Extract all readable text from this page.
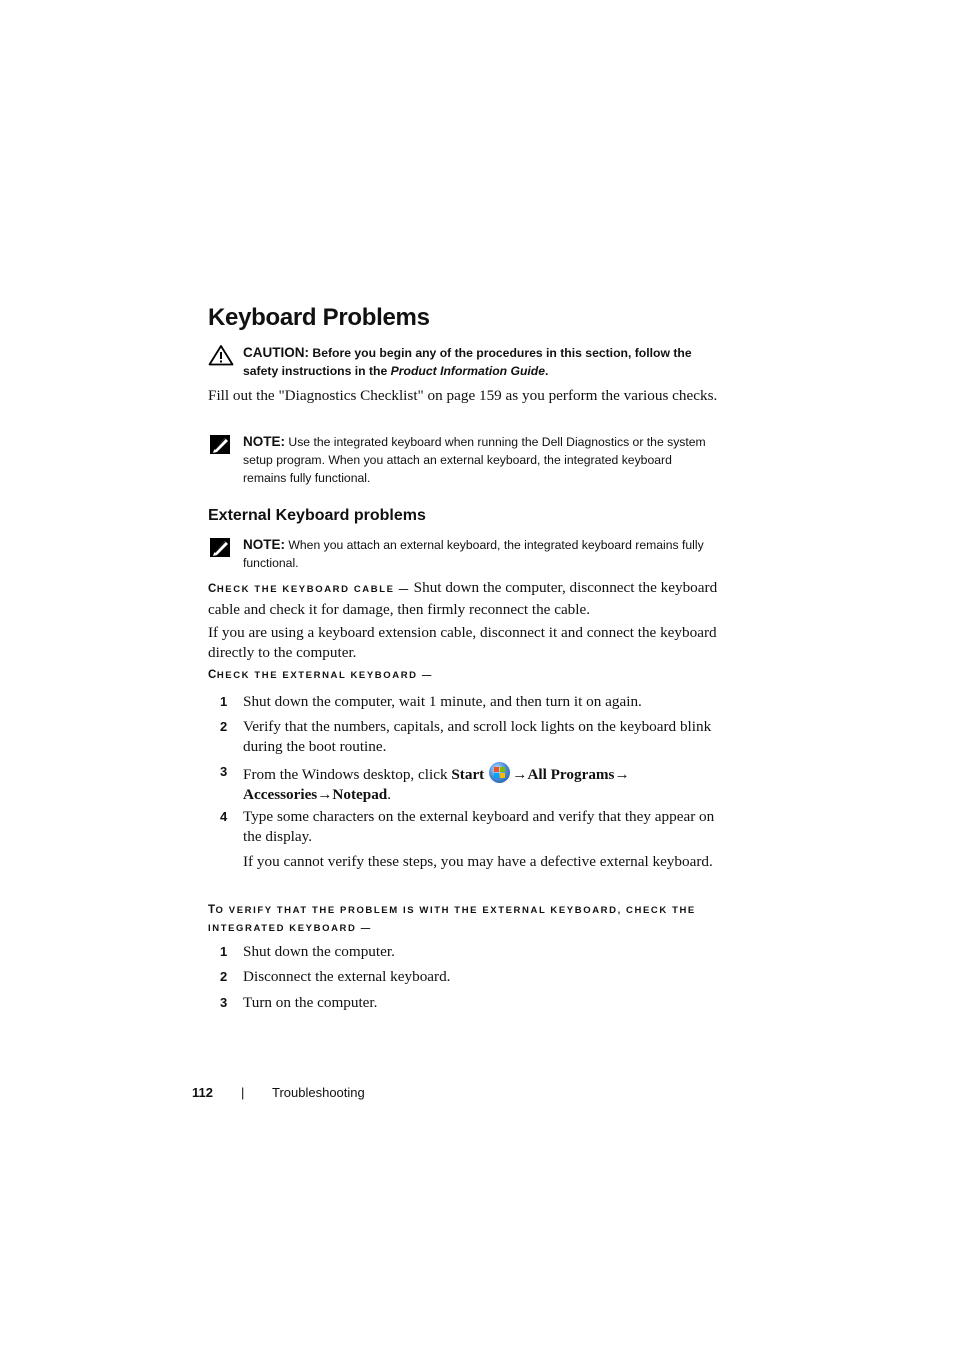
Keyboard Problems
CAUTION: Before you begin any of the procedures in this section, follow the safety instructions in the Product Information Guide.
Fill out the "Diagnostics Checklist" on page 159 as you perform the various checks.
NOTE: Use the integrated keyboard when running the Dell Diagnostics or the system setup program. When you attach an external keyboard, the integrated keyboard remains fully functional.
External Keyboard problems
NOTE: When you attach an external keyboard, the integrated keyboard remains fully functional.
CHECK THE KEYBOARD CABLE — Shut down the computer, disconnect the keyboard cable and check it for damage, then firmly reconnect the cable.
If you are using a keyboard extension cable, disconnect it and connect the keyboard directly to the computer.
CHECK THE EXTERNAL KEYBOARD —
1 Shut down the computer, wait 1 minute, and then turn it on again.
2 Verify that the numbers, capitals, and scroll lock lights on the keyboard blink during the boot routine.
3 From the Windows desktop, click Start →All Programs→
Accessories→Notepad.
4 Type some characters on the external keyboard and verify that they appear on the display.
If you cannot verify these steps, you may have a defective external keyboard.
TO VERIFY THAT THE PROBLEM IS WITH THE EXTERNAL KEYBOARD, CHECK THE INTEGRATED KEYBOARD —
1 Shut down the computer.
2 Disconnect the external keyboard.
3 Turn on the computer.
112 | Troubleshooting
